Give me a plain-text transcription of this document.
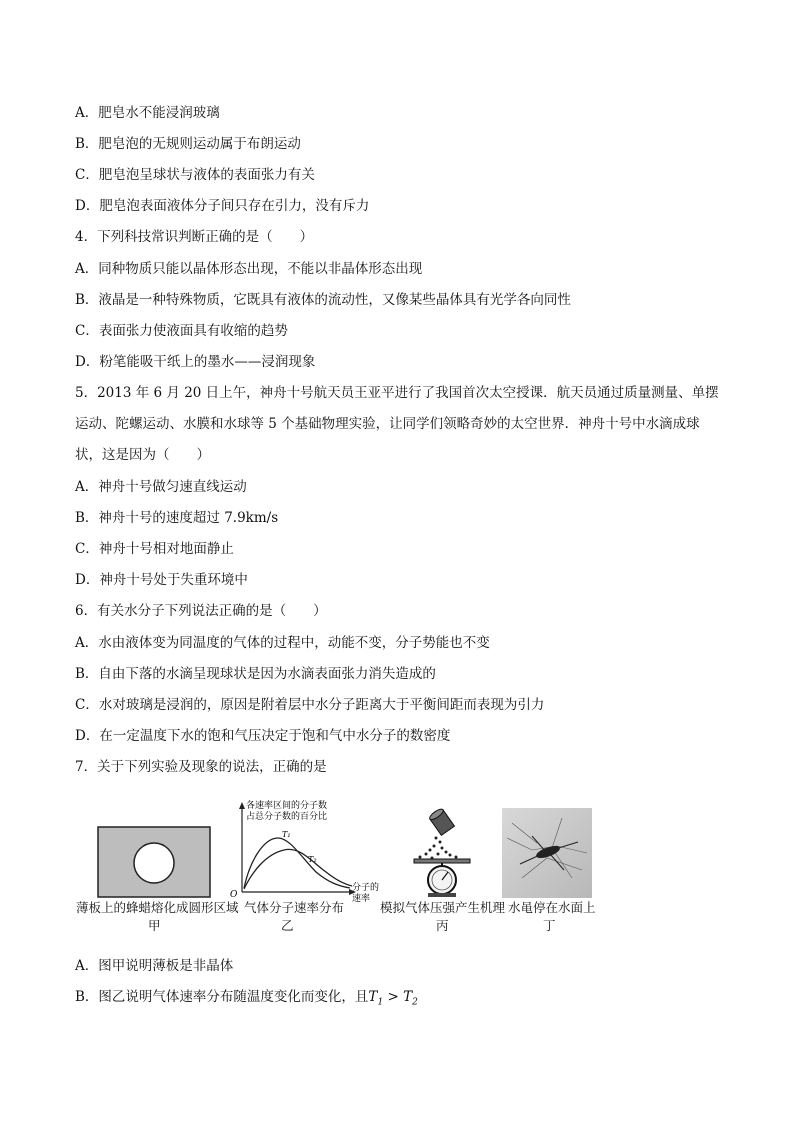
A．肥皂水不能浸润玻璃
B．肥皂泡的无规则运动属于布朗运动
C．肥皂泡呈球状与液体的表面张力有关
D．肥皂泡表面液体分子间只存在引力，没有斥力
4．下列科技常识判断正确的是（　　）
A．同种物质只能以晶体形态出现，不能以非晶体形态出现
B．液晶是一种特殊物质，它既具有液体的流动性，又像某些晶体具有光学各向同性
C．表面张力使液面具有收缩的趋势
D．粉笔能吸干纸上的墨水——浸润现象
5．2013 年 6 月 20 日上午，神舟十号航天员王亚平进行了我国首次太空授课．航天员通过质量测量、单摆
运动、陀螺运动、水膜和水球等 5 个基础物理实验，让同学们领略奇妙的太空世界．神舟十号中水滴成球
状，这是因为（　　）
A．神舟十号做匀速直线运动
B．神舟十号的速度超过 7.9km/s
C．神舟十号相对地面静止
D．神舟十号处于失重环境中
6．有关水分子下列说法正确的是（　　）
A．水由液体变为同温度的气体的过程中，动能不变，分子势能也不变
B．自由下落的水滴呈现球状是因为水滴表面张力消失造成的
C．水对玻璃是浸润的，原因是附着层中水分子距离大于平衡间距而表现为引力
D．在一定温度下水的饱和气压决定于饱和气中水分子的数密度
7．关于下列实验及现象的说法，正确的是
薄板上的蜂蜡熔化成圆形区域
甲
各速率区间的分子数
占总分子数的百分比
O
T₁
T₂
分子的
速率
气体分子速率分布
乙
模拟气体压强产生机理
丙
水黾停在水面上
丁
A．图甲说明薄板是非晶体
B．图乙说明气体速率分布随温度变化而变化，且$T_1 > T_2$
